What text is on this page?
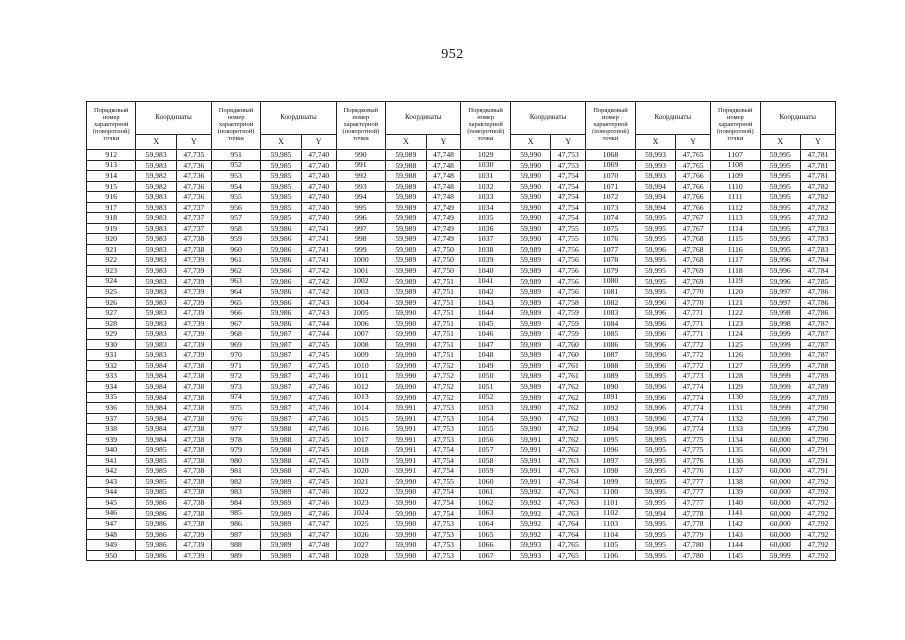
952
Порядковый номер характерной (поворотной) точки	Координаты		Порядковый номер характерной (поворотной) точки	Координаты		Порядковый номер характерной (поворотной) точки	Координаты		Порядковый номер характерной (поворотной) точки	Координаты		Порядковый номер характерной (поворотной) точки	Координаты		Порядковый номер характерной (поворотной) точки	Координаты	
	X	Y		X	Y		X	Y		X	Y		X	Y		X	Y
912	59,983	47,735	951	59,985	47,740	990	59,989	47,748	1029	59,990	47,753	1068	59,993	47,765	1107	59,995	47,781
913	59,983	47,736	952	59,985	47,740	991	59,988	47,748	1030	59,990	47,753	1069	59,993	47,765	1108	59,995	47,781
914	59,982	47,736	953	59,985	47,740	992	59,988	47,748	1031	59,990	47,754	1070	59,993	47,766	1109	59,995	47,781
915	59,982	47,736	954	59,985	47,740	993	59,989	47,748	1032	59,990	47,754	1071	59,994	47,766	1110	59,995	47,782
916	59,983	47,736	955	59,985	47,740	994	59,989	47,748	1033	59,990	47,754	1072	59,994	47,766	1111	59,995	47,782
917	59,983	47,737	956	59,985	47,740	995	59,989	47,749	1034	59,990	47,754	1073	59,994	47,766	1112	59,995	47,782
918	59,983	47,737	957	59,985	47,740	996	59,989	47,749	1035	59,990	47,754	1074	59,995	47,767	1113	59,995	47,782
919	59,983	47,737	958	59,986	47,741	997	59,989	47,749	1036	59,990	47,755	1075	59,995	47,767	1114	59,995	47,783
920	59,983	47,738	959	59,986	47,741	998	59,989	47,749	1037	59,990	47,755	1076	59,995	47,768	1115	59,995	47,783
921	59,983	47,738	960	59,986	47,741	999	59,989	47,750	1038	59,989	47,756	1077	59,996	47,768	1116	59,995	47,783
922	59,983	47,739	961	59,986	47,741	1000	59,989	47,750	1039	59,989	47,756	1078	59,995	47,768	1117	59,996	47,784
923	59,983	47,739	962	59,986	47,742	1001	59,989	47,750	1040	59,989	47,756	1079	59,995	47,769	1118	59,996	47,784
924	59,983	47,739	963	59,986	47,742	1002	59,989	47,751	1041	59,989	47,756	1080	59,995	47,769	1119	59,996	47,785
925	59,983	47,739	964	59,986	47,742	1003	59,989	47,751	1042	59,989	47,756	1081	59,995	47,770	1120	59,997	47,786
926	59,983	47,739	965	59,986	47,743	1004	59,989	47,751	1043	59,989	47,758	1082	59,996	47,770	1121	59,997	47,786
927	59,983	47,739	966	59,986	47,743	1005	59,990	47,751	1044	59,989	47,759	1083	59,996	47,771	1122	59,998	47,786
928	59,983	47,739	967	59,986	47,744	1006	59,990	47,751	1045	59,989	47,759	1084	59,996	47,771	1123	59,998	47,787
929	59,983	47,739	968	59,987	47,744	1007	59,990	47,751	1046	59,989	47,759	1085	59,996	47,771	1124	59,999	47,787
930	59,983	47,739	969	59,987	47,745	1008	59,990	47,751	1047	59,989	47,760	1086	59,996	47,772	1125	59,999	47,787
931	59,983	47,739	970	59,987	47,745	1009	59,990	47,751	1048	59,989	47,760	1087	59,996	47,772	1126	59,999	47,787
932	59,984	47,738	971	59,987	47,745	1010	59,990	47,752	1049	59,989	47,761	1088	59,996	47,772	1127	59,999	47,788
933	59,984	47,738	972	59,987	47,746	1011	59,990	47,752	1050	59,989	47,761	1089	59,995	47,773	1128	59,999	47,789
934	59,984	47,738	973	59,987	47,746	1012	59,990	47,752	1051	59,989	47,762	1090	59,996	47,774	1129	59,999	47,789
935	59,984	47,738	974	59,987	47,746	1013	59,990	47,752	1052	59,989	47,762	1091	59,996	47,774	1130	59,999	47,789
936	59,984	47,738	975	59,987	47,746	1014	59,991	47,753	1053	59,990	47,762	1092	59,996	47,774	1131	59,999	47,790
937	59,984	47,738	976	59,987	47,746	1015	59,991	47,753	1054	59,990	47,762	1093	59,996	47,774	1132	59,999	47,790
938	59,984	47,738	977	59,988	47,746	1016	59,991	47,753	1055	59,990	47,762	1094	59,996	47,774	1133	59,999	47,790
939	59,984	47,738	978	59,988	47,745	1017	59,991	47,753	1056	59,991	47,762	1095	59,995	47,775	1134	60,000	47,790
940	59,985	47,738	979	59,988	47,745	1018	59,991	47,754	1057	59,991	47,762	1096	59,995	47,775	1135	60,000	47,791
941	59,985	47,738	980	59,988	47,745	1019	59,991	47,754	1058	59,991	47,763	1097	59,995	47,776	1136	60,000	47,791
942	59,985	47,738	981	59,988	47,745	1020	59,991	47,754	1059	59,991	47,763	1098	59,995	47,776	1137	60,000	47,791
943	59,985	47,738	982	59,989	47,745	1021	59,990	47,755	1060	59,991	47,764	1099	59,995	47,777	1138	60,000	47,792
944	59,985	47,738	983	59,989	47,746	1022	59,990	47,754	1061	59,992	47,763	1100	59,995	47,777	1139	60,000	47,792
945	59,986	47,738	984	59,989	47,746	1023	59,990	47,754	1062	59,992	47,763	1101	59,995	47,777	1140	60,000	47,792
946	59,986	47,738	985	59,989	47,746	1024	59,990	47,754	1063	59,992	47,763	1102	59,994	47,778	1141	60,000	47,792
947	59,986	47,738	986	59,989	47,747	1025	59,990	47,753	1064	59,992	47,764	1103	59,995	47,778	1142	60,000	47,792
948	59,986	47,739	987	59,989	47,747	1026	59,990	47,753	1065	59,992	47,764	1104	59,995	47,779	1143	60,000	47,792
949	59,986	47,739	988	59,989	47,748	1027	59,990	47,753	1066	59,993	47,765	1105	59,995	47,780	1144	60,000	47,792
950	59,986	47,739	989	59,989	47,748	1028	59,990	47,753	1067	59,993	47,765	1106	59,995	47,780	1145	59,999	47,792
